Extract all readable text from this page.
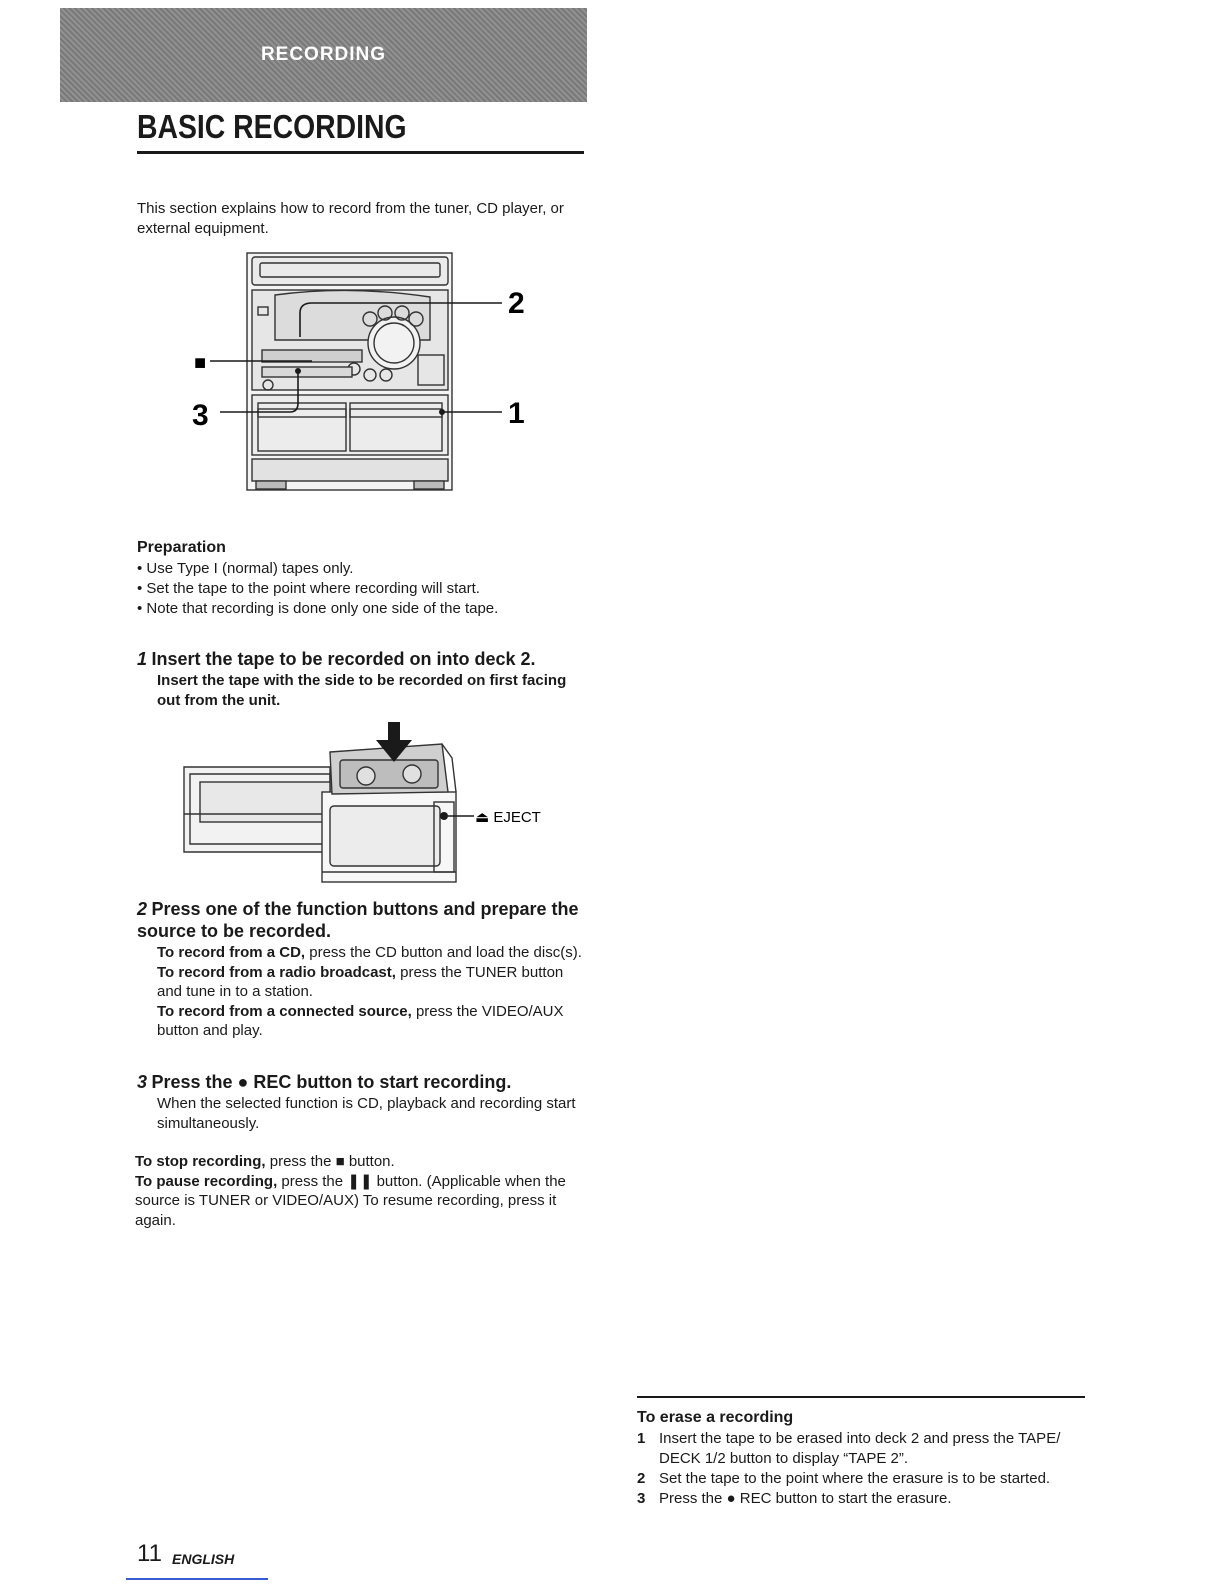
RECORDING
BASIC RECORDING
This section explains how to record from the tuner, CD player, or external equipment.
2
■
3	1
Preparation
• Use Type I (normal) tapes only.
• Set the tape to the point where recording will start.
• Note that recording is done only one side of the tape.
1 Insert the tape to be recorded on into deck 2.
Insert the tape with the side to be recorded on first facing out from the unit.
⏏ EJECT
2 Press one of the function buttons and prepare the source to be recorded.
To record from a CD, press the CD button and load the disc(s).
To record from a radio broadcast, press the TUNER button and tune in to a station.
To record from a connected source, press the VIDEO/AUX button and play.
3 Press the ● REC button to start recording.
When the selected function is CD, playback and recording start simultaneously.
To stop recording, press the ■ button.
To pause recording, press the ❚❚ button. (Applicable when the source is TUNER or VIDEO/AUX) To resume recording, press it again.
To erase a recording
1 Insert the tape to be erased into deck 2 and press the TAPE/ DECK 1/2 button to display “TAPE 2”.
2 Set the tape to the point where the erasure is to be started.
3 Press the ● REC button to start the erasure.
11 ENGLISH
